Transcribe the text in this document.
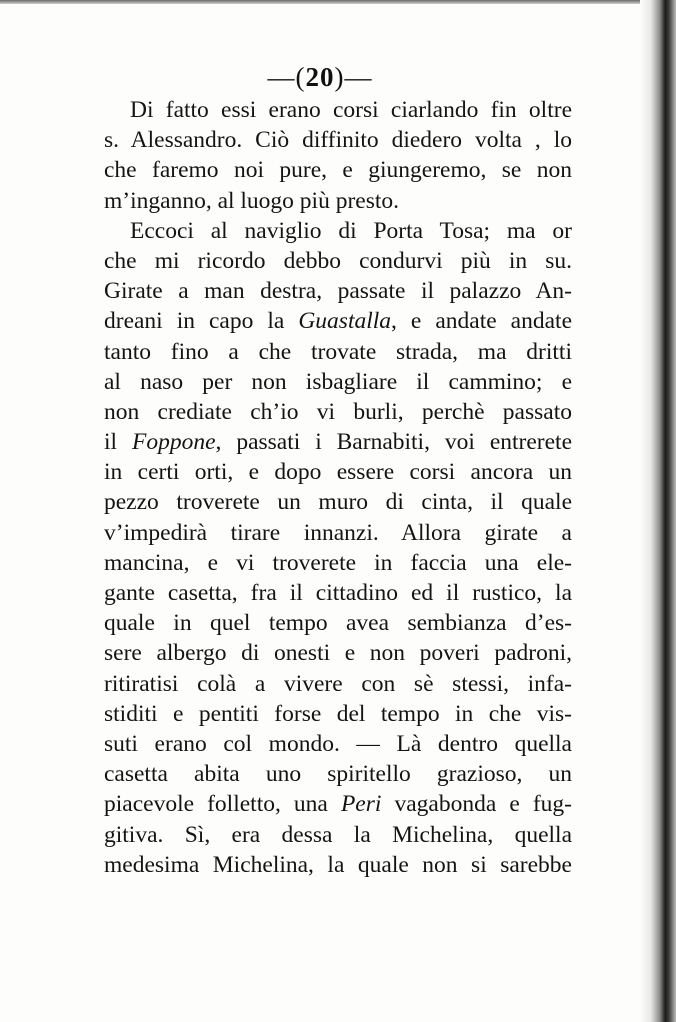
—(20)—
Di fatto essi erano corsi ciarlando fin oltre
s. Alessandro. Ciò diffinito diedero volta , lo
che faremo noi pure, e giungeremo, se non
m’inganno, al luogo più presto.
Eccoci al naviglio di Porta Tosa; ma or
che mi ricordo debbo condurvi più in su.
Girate a man destra, passate il palazzo An-
dreani in capo la Guastalla, e andate andate
tanto fino a che trovate strada, ma dritti
al naso per non isbagliare il cammino; e
non crediate ch’io vi burli, perchè passato
il Foppone, passati i Barnabiti, voi entrerete
in certi orti, e dopo essere corsi ancora un
pezzo troverete un muro di cinta, il quale
v’impedirà tirare innanzi. Allora girate a
mancina, e vi troverete in faccia una ele-
gante casetta, fra il cittadino ed il rustico, la
quale in quel tempo avea sembianza d’es-
sere albergo di onesti e non poveri padroni,
ritiratisi colà a vivere con sè stessi, infa-
stiditi e pentiti forse del tempo in che vis-
suti erano col mondo. — Là dentro quella
casetta abita uno spiritello grazioso, un
piacevole folletto, una Peri vagabonda e fug-
gitiva. Sì, era dessa la Michelina, quella
medesima Michelina, la quale non si sarebbe
